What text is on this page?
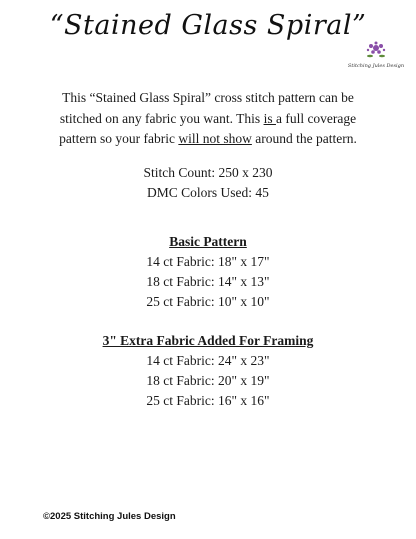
“Stained Glass Spiral”
Stitching Jules Design
This “Stained Glass Spiral” cross stitch pattern can be
stitched on any fabric you want. This is a full coverage
pattern so your fabric will not show around the pattern.
Stitch Count: 250 x 230
DMC Colors Used: 45
Basic Pattern
14 ct Fabric: 18" x 17"
18 ct Fabric: 14" x 13"
25 ct Fabric: 10" x 10"
3" Extra Fabric Added For Framing
14 ct Fabric: 24" x 23"
18 ct Fabric: 20" x 19"
25 ct Fabric: 16" x 16"
©2025 Stitching Jules Design
